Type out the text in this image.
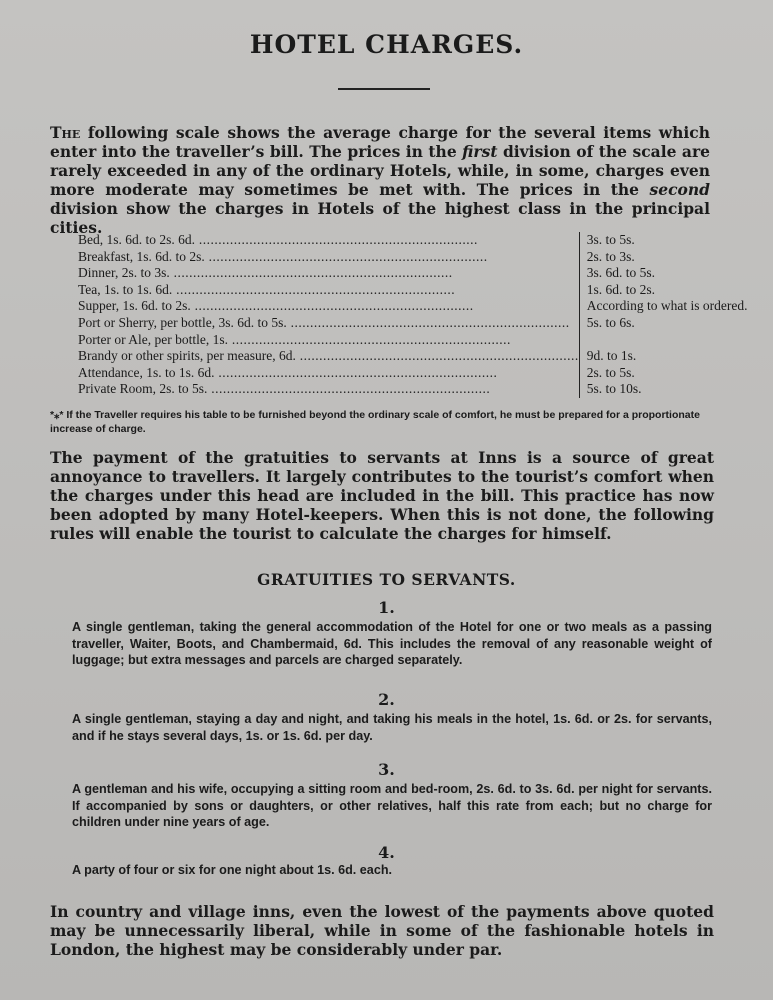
HOTEL CHARGES.

The following scale shows the average charge for the several items which enter into the traveller’s bill. The prices in the first division of the scale are rarely exceeded in any of the ordinary Hotels, while, in some, charges even more moderate may sometimes be met with. The prices in the second division show the charges in Hotels of the highest class in the principal cities.

Bed, 1s. 6d. to 2s. 6d. .....	3s. to 5s.
Breakfast, 1s. 6d. to 2s. .....	2s. to 3s.
Dinner, 2s. to 3s. .....	3s. 6d. to 5s.
Tea, 1s. to 1s. 6d. .....	1s. 6d. to 2s.
Supper, 1s. 6d. to 2s. .....	According to what is ordered.
Port or Sherry, per bottle, 3s. 6d. to 5s. .....	5s. to 6s.
Porter or Ale, per bottle, 1s. .....	
Brandy or other spirits, per measure, 6d. .....	9d. to 1s.
Attendance, 1s. to 1s. 6d. .....	2s. to 5s.
Private Room, 2s. to 5s. .....	5s. to 10s.

*⁎* If the Traveller requires his table to be furnished beyond the ordinary scale of comfort, he must be prepared for a proportionate increase of charge.

The payment of the gratuities to servants at Inns is a source of great annoyance to travellers. It largely contributes to the tourist’s comfort when the charges under this head are included in the bill. This practice has now been adopted by many Hotel-keepers. When this is not done, the following rules will enable the tourist to calculate the charges for himself.

GRATUITIES TO SERVANTS.
1.

A single gentleman, taking the general accommodation of the Hotel for one or two meals as a passing traveller, Waiter, Boots, and Chambermaid, 6d. This includes the removal of any reasonable weight of luggage; but extra messages and parcels are charged separately.

2.

A single gentleman, staying a day and night, and taking his meals in the hotel, 1s. 6d. or 2s. for servants, and if he stays several days, 1s. or 1s. 6d. per day.

3.

A gentleman and his wife, occupying a sitting room and bed-room, 2s. 6d. to 3s. 6d. per night for servants. If accompanied by sons or daughters, or other relatives, half this rate from each; but no charge for children under nine years of age.

4.

A party of four or six for one night about 1s. 6d. each.

In country and village inns, even the lowest of the payments above quoted may be unnecessarily liberal, while in some of the fashionable hotels in London, the highest may be considerably under par.
